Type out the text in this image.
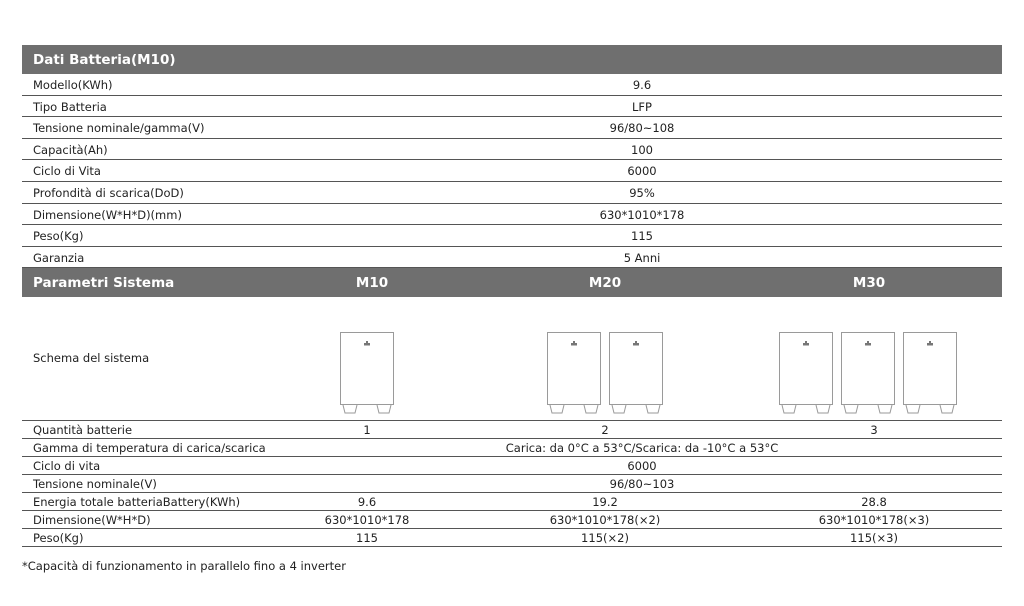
Dati Batteria(M10)
Modello(KWh)	9.6
Tipo Batteria	LFP
Tensione nominale/gamma(V)	96/80~108
Capacità(Ah)	100
Ciclo di Vita	6000
Profondità di scarica(DoD)	95%
Dimensione(W*H*D)(mm)	630*1010*178
Peso(Kg)	115
Garanzia	5 Anni
Parametri Sistema	M10	M20	M30
Schema del sistema
Quantità batterie	1	2	3
Gamma di temperatura di carica/scarica	Carica: da 0°C a 53°C/Scarica: da -10°C a 53°C
Ciclo di vita	6000
Tensione nominale(V)	96/80~103
Energia totale batteriaBattery(KWh)	9.6	19.2	28.8
Dimensione(W*H*D)	630*1010*178	630*1010*178(×2)	630*1010*178(×3)
Peso(Kg)	115	115(×2)	115(×3)
*Capacità di funzionamento in parallelo fino a 4 inverter
